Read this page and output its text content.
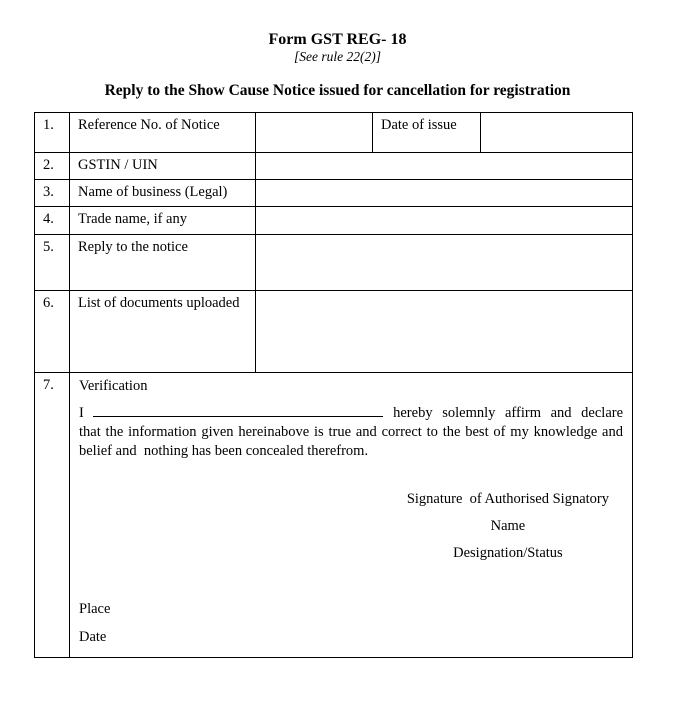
Form GST REG- 18
[See rule 22(2)]
Reply to the Show Cause Notice issued for cancellation for registration
1.	Reference No. of Notice		Date of issue	
2.	GSTIN / UIN			
3.	Name of business (Legal)			
4.	Trade name, if any			
5.	Reply to the notice			
6.	List of documents uploaded			
7.	Verification
I	hereby solemnly affirm and declare
that the information given hereinabove is true and correct to the best of my knowledge and
belief and  nothing has been concealed therefrom.
Signature  of Authorised Signatory
Name
Designation/Status
Place
Date
